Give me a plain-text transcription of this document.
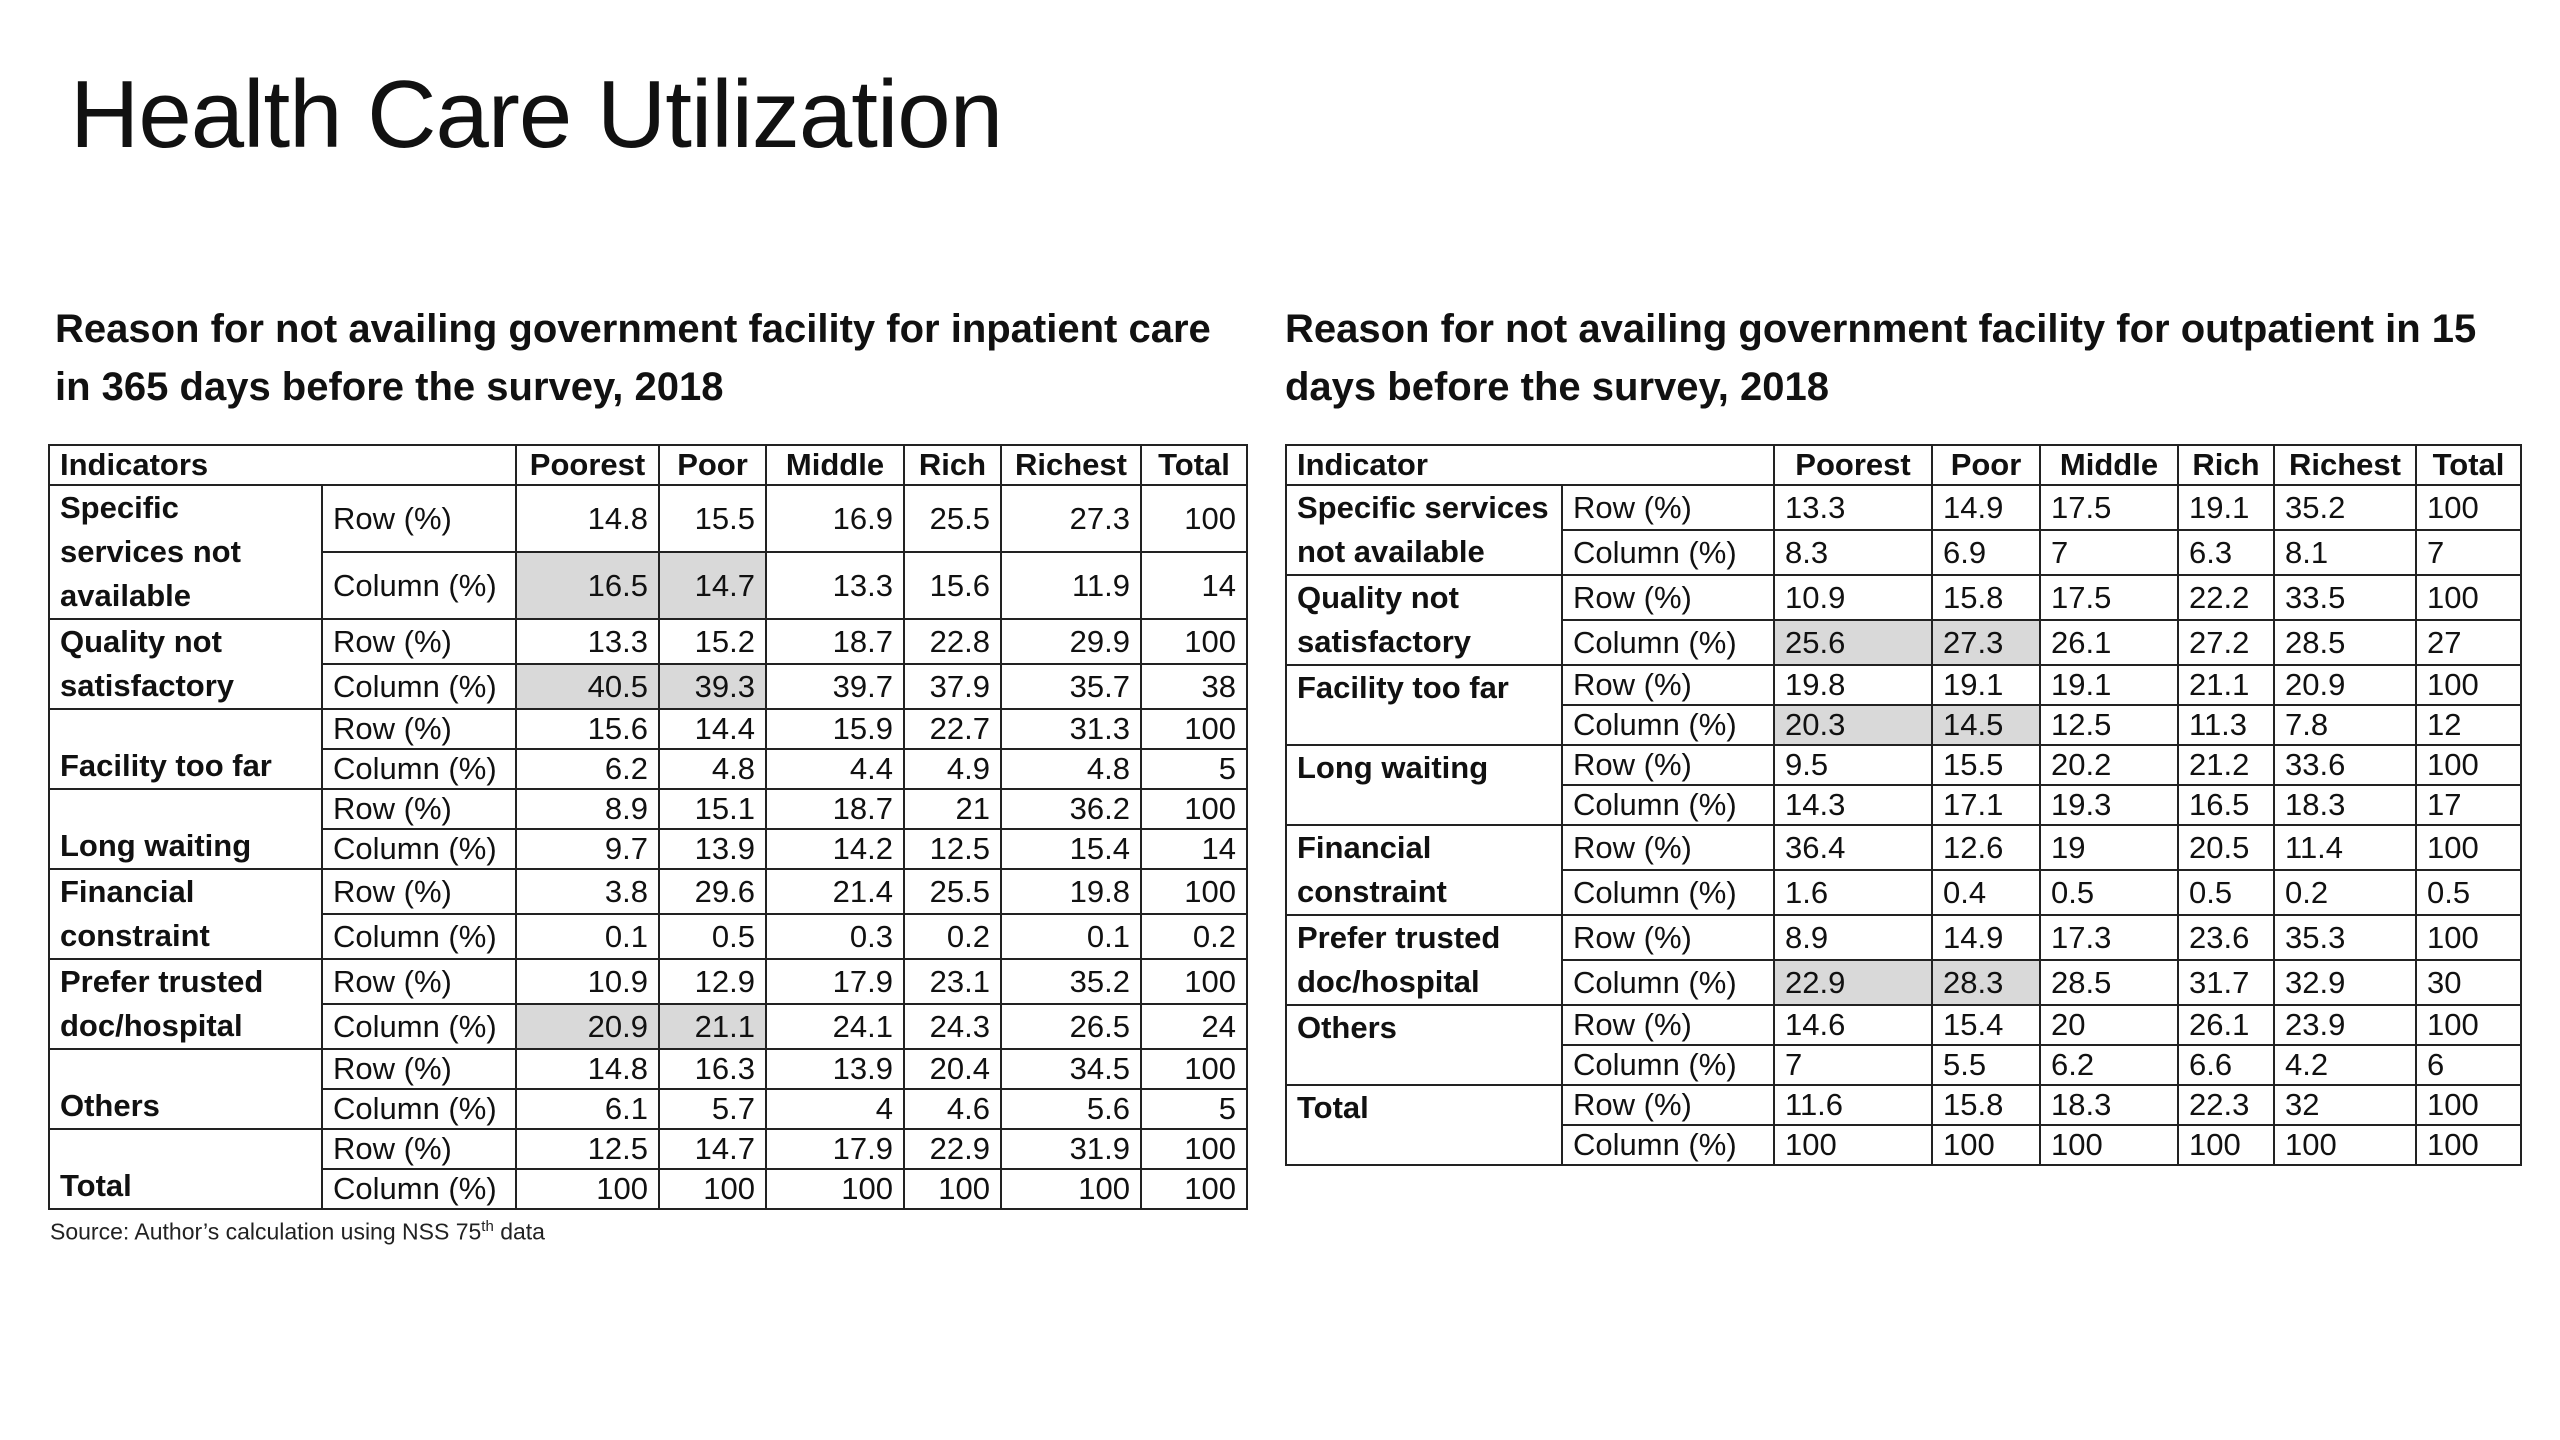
Health Care Utilization
Reason for not availing government facility for inpatient care in 365 days before the survey, 2018
Reason for not availing government facility for outpatient in 15 days before the survey, 2018
Indicators		Poorest	Poor	Middle	Rich	Richest	Total
Specific services not available	Row (%)	14.8	15.5	16.9	25.5	27.3	100
	Column (%)	16.5	14.7	13.3	15.6	11.9	14
Quality not satisfactory	Row (%)	13.3	15.2	18.7	22.8	29.9	100
	Column (%)	40.5	39.3	39.7	37.9	35.7	38
Facility too far	Row (%)	15.6	14.4	15.9	22.7	31.3	100
	Column (%)	6.2	4.8	4.4	4.9	4.8	5
Long waiting	Row (%)	8.9	15.1	18.7	21	36.2	100
	Column (%)	9.7	13.9	14.2	12.5	15.4	14
Financial constraint	Row (%)	3.8	29.6	21.4	25.5	19.8	100
	Column (%)	0.1	0.5	0.3	0.2	0.1	0.2
Prefer trusted doc/hospital	Row (%)	10.9	12.9	17.9	23.1	35.2	100
	Column (%)	20.9	21.1	24.1	24.3	26.5	24
Others	Row (%)	14.8	16.3	13.9	20.4	34.5	100
	Column (%)	6.1	5.7	4	4.6	5.6	5
Total	Row (%)	12.5	14.7	17.9	22.9	31.9	100
	Column (%)	100	100	100	100	100	100
Indicator		Poorest	Poor	Middle	Rich	Richest	Total
Specific services not available	Row (%)	13.3	14.9	17.5	19.1	35.2	100
	Column (%)	8.3	6.9	7	6.3	8.1	7
Quality not satisfactory	Row (%)	10.9	15.8	17.5	22.2	33.5	100
	Column (%)	25.6	27.3	26.1	27.2	28.5	27
Facility too far	Row (%)	19.8	19.1	19.1	21.1	20.9	100
	Column (%)	20.3	14.5	12.5	11.3	7.8	12
Long waiting	Row (%)	9.5	15.5	20.2	21.2	33.6	100
	Column (%)	14.3	17.1	19.3	16.5	18.3	17
Financial constraint	Row (%)	36.4	12.6	19	20.5	11.4	100
	Column (%)	1.6	0.4	0.5	0.5	0.2	0.5
Prefer trusted doc/hospital	Row (%)	8.9	14.9	17.3	23.6	35.3	100
	Column (%)	22.9	28.3	28.5	31.7	32.9	30
Others	Row (%)	14.6	15.4	20	26.1	23.9	100
	Column (%)	7	5.5	6.2	6.6	4.2	6
Total	Row (%)	11.6	15.8	18.3	22.3	32	100
	Column (%)	100	100	100	100	100	100
Source: Author’s calculation using NSS 75th data
